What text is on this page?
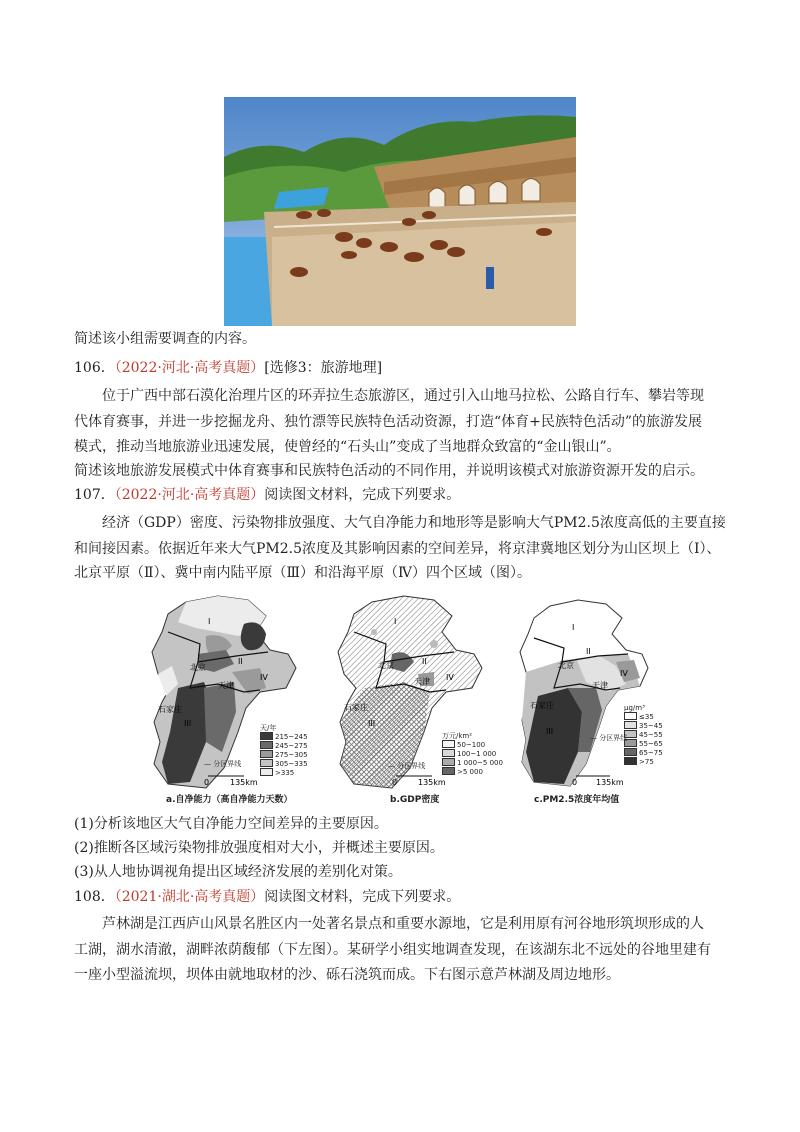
简述该小组需要调查的内容。
106．（2022·河北·高考真题）[选修3：旅游地理]
位于广西中部石漠化治理片区的环弄拉生态旅游区，通过引入山地马拉松、公路自行车、攀岩等现
代体育赛事，并进一步挖掘龙舟、独竹漂等民族特色活动资源，打造“体育+民族特色活动”的旅游发展
模式，推动当地旅游业迅速发展，使曾经的“石头山”变成了当地群众致富的“金山银山”。
简述该地旅游发展模式中体育赛事和民族特色活动的不同作用，并说明该模式对旅游资源开发的启示。
107．（2022·河北·高考真题）阅读图文材料，完成下列要求。
经济（GDP）密度、污染物排放强度、大气自净能力和地形等是影响大气PM2.5浓度高低的主要直接
和间接因素。依据近年来大气PM2.5浓度及其影响因素的空间差异，将京津冀地区划分为山区坝上（Ⅰ）、
北京平原（Ⅱ）、冀中南内陆平原（Ⅲ）和沿海平原（Ⅳ）四个区域（图）。
I
II
III
IV
北京
天津
石家庄
0	135km
天/年
215~245
245~275
275~305
305~335
>335
— 分区界线
a.自净能力（高自净能力天数）
I
II
III
IV
北京
天津
石家庄
0	135km
万元/km²
50~100
100~1 000
1 000~5 000
>5 000
— 分区界线
b.GDP密度
I
II
III
IV
北京
天津
石家庄
0 135km
μg/m³
≤35
35~45
45~55
55~65
65~75
>75
— 分区界线
c.PM2.5浓度年均值
(1)分析该地区大气自净能力空间差异的主要原因。
(2)推断各区域污染物排放强度相对大小，并概述主要原因。
(3)从人地协调视角提出区域经济发展的差别化对策。
108．（2021·湖北·高考真题）阅读图文材料，完成下列要求。
芦林湖是江西庐山风景名胜区内一处著名景点和重要水源地，它是利用原有河谷地形筑坝形成的人
工湖，湖水清澈，湖畔浓荫馥郁（下左图）。某研学小组实地调查发现，在该湖东北不远处的谷地里建有
一座小型溢流坝，坝体由就地取材的沙、砾石浇筑而成。下右图示意芦林湖及周边地形。
